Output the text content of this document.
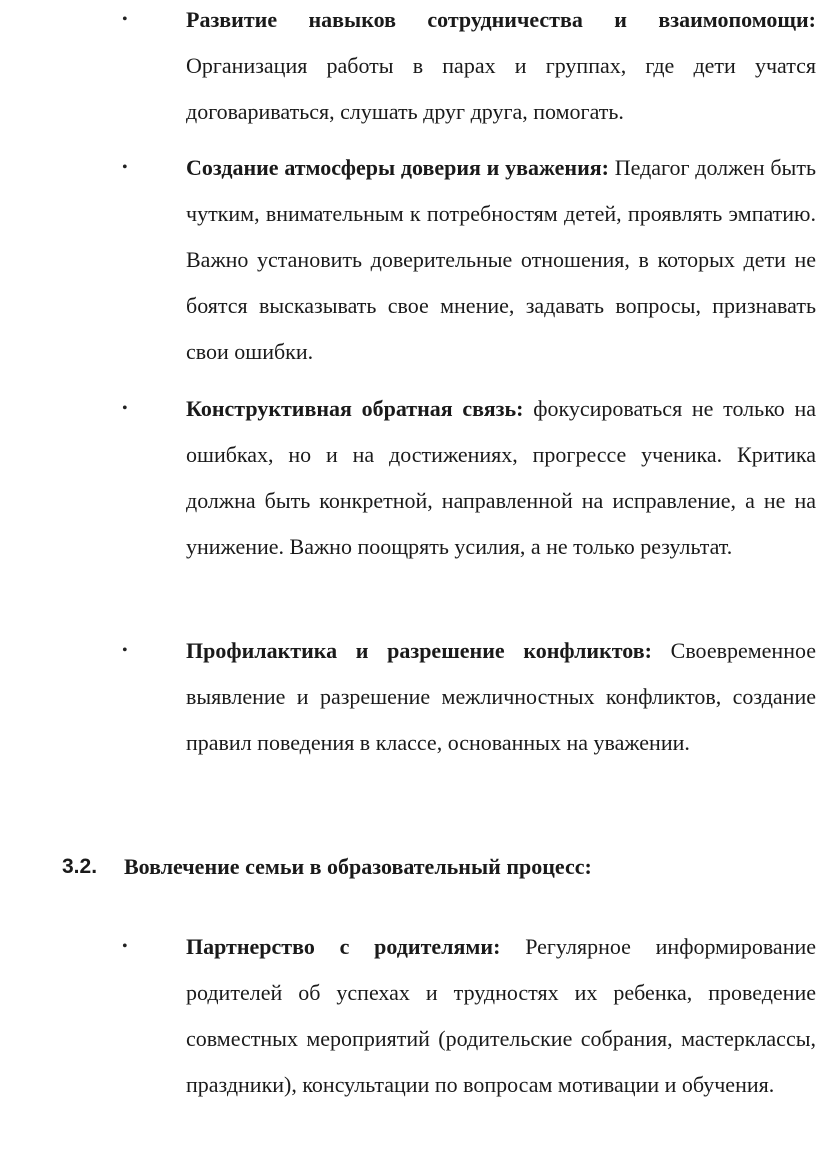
•	Развитие навыков сотрудничества и взаимопомощи: Организация работы в парах и группах, где дети учатся договариваться, слушать друг друга, помогать.
•	Создание атмосферы доверия и уважения: Педагог должен быть чутким, внимательным к потребностям детей, проявлять эмпатию. Важно установить доверительные отношения, в которых дети не боятся высказывать свое мнение, задавать вопросы, признавать свои ошибки.
•	Конструктивная обратная связь: фокусироваться не только на ошибках, но и на достижениях, прогрессе ученика. Критика должна быть конкретной, направленной на исправление, а не на унижение. Важно поощрять усилия, а не только результат.
•	Профилактика и разрешение конфликтов: Своевременное выявление и разрешение межличностных конфликтов, создание правил поведения в классе, основанных на уважении.
3.2. Вовлечение семьи в образовательный процесс:
•	Партнерство с родителями: Регулярное информирование родителей об успехах и трудностях их ребенка, проведение совместных мероприятий (родительские собрания, мастерклассы, праздники), консультации по вопросам мотивации и обучения.
